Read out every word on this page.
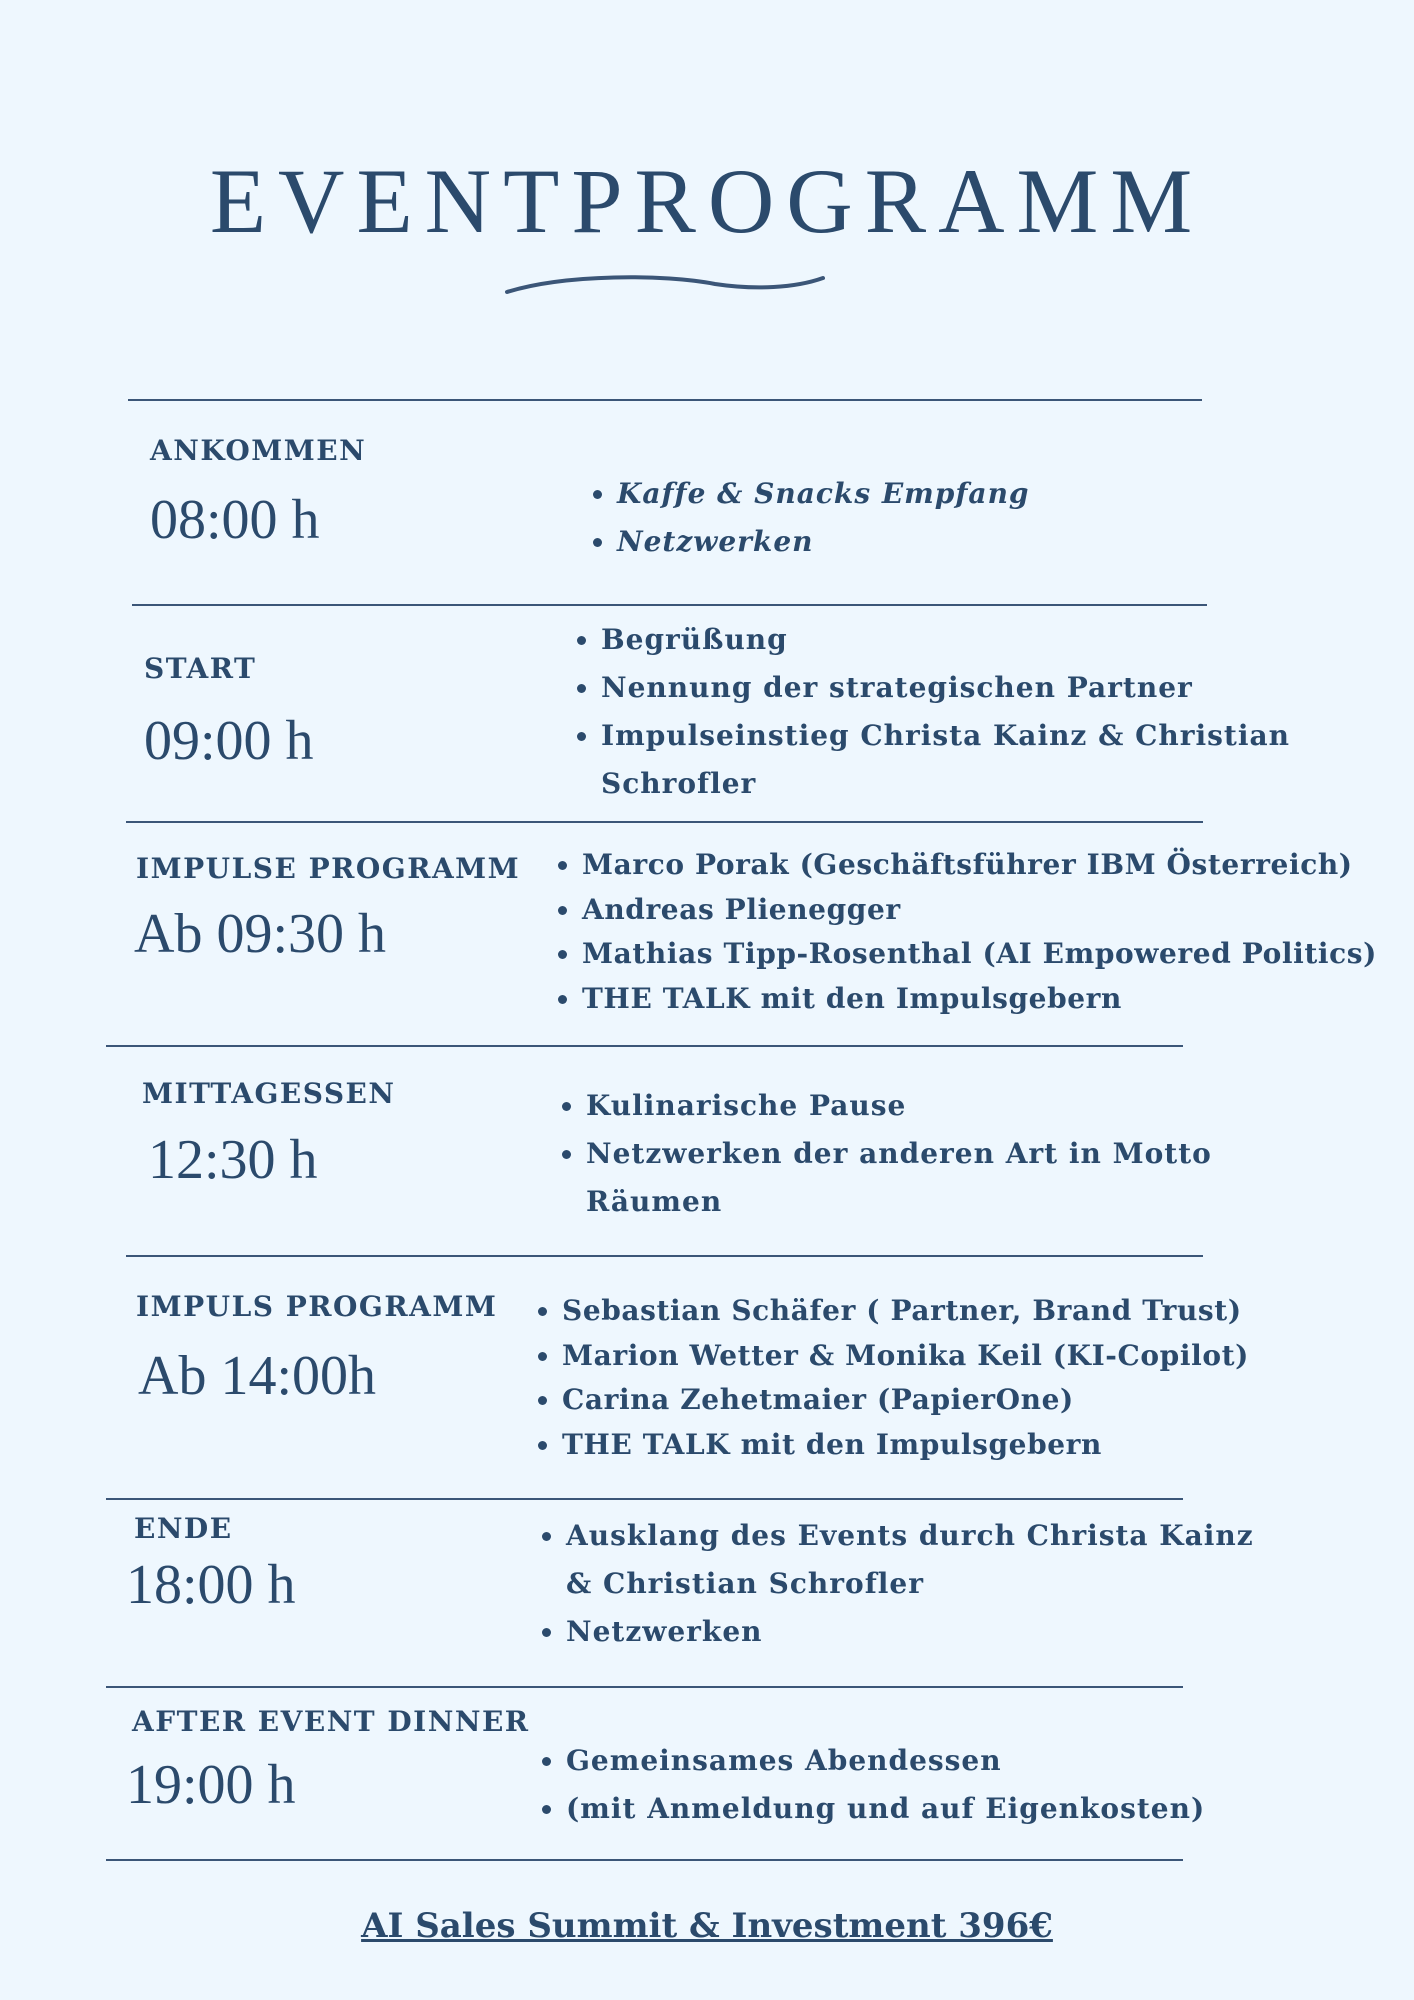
EVENTPROGRAMM
ANKOMMEN
08:00 h	• Kaffe & Snacks Empfang
• Netzwerken
START
09:00 h
• Begrüßung
• Nennung der strategischen Partner
• Impulseinstieg Christa Kainz & Christian Schrofler
IMPULSE PROGRAMM
Ab 09:30 h
• Marco Porak (Geschäftsführer IBM Österreich)
• Andreas Plienegger
• Mathias Tipp-Rosenthal (AI Empowered Politics)
• THE TALK mit den Impulsgebern
MITTAGESSEN
12:30 h
• Kulinarische Pause
• Netzwerken der anderen Art in Motto Räumen
IMPULS PROGRAMM
Ab 14:00h
• Sebastian Schäfer ( Partner, Brand Trust)
• Marion Wetter & Monika Keil (KI-Copilot)
• Carina Zehetmaier (PapierOne)
• THE TALK mit den Impulsgebern
ENDE
18:00 h
• Ausklang des Events durch Christa Kainz & Christian Schrofler
• Netzwerken
AFTER EVENT DINNER
19:00 h	• Gemeinsames Abendessen
• (mit Anmeldung und auf Eigenkosten)
AI Sales Summit & Investment 396€
